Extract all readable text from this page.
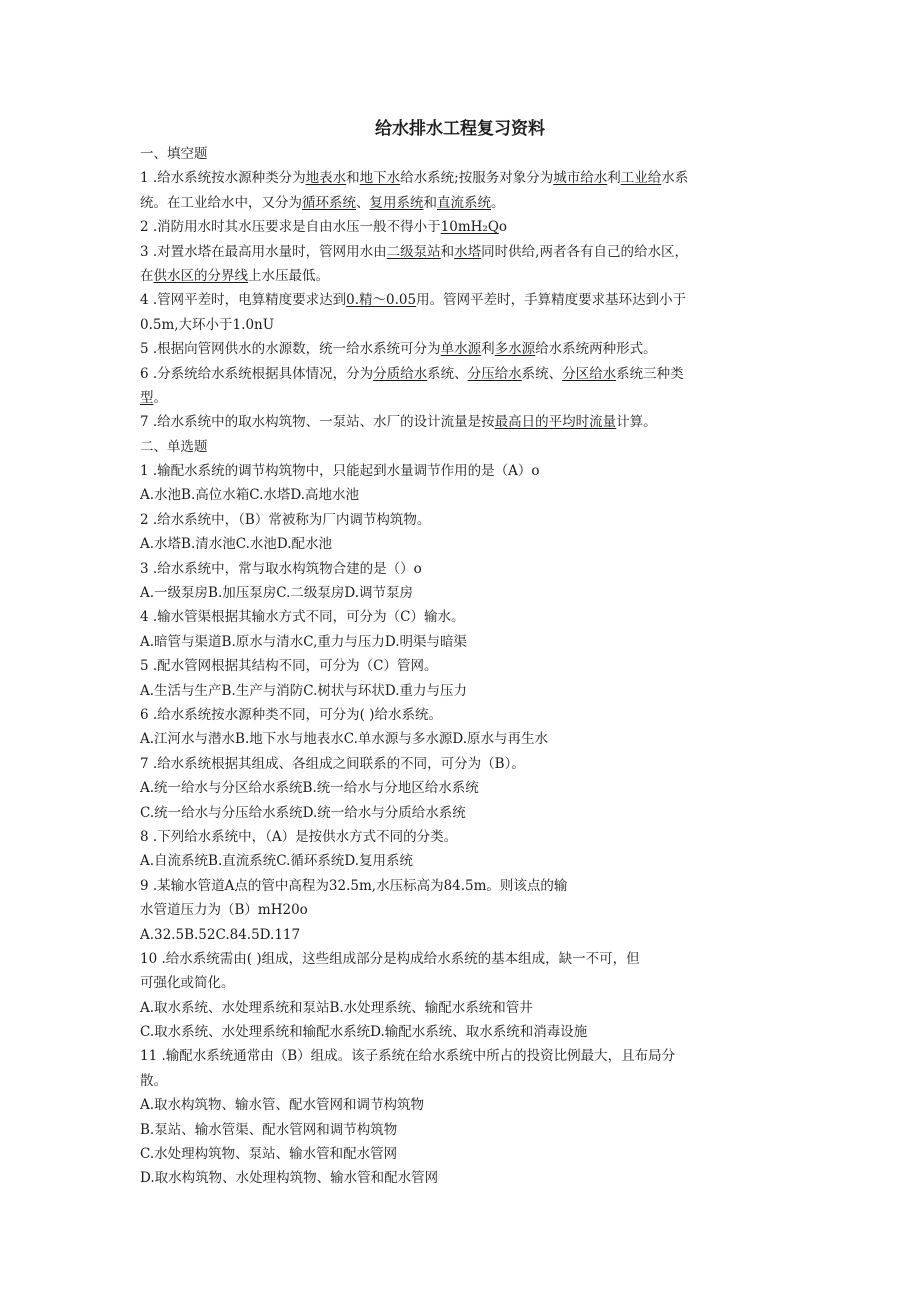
给水排水工程复习资料
一、填空题
1 .给水系统按水源种类分为地表水和地下水给水系统;按服务对象分为城市给水利工业给水系
统。在工业给水中，又分为循环系统、复用系统和直流系统。
2 .消防用水时其水压要求是自由水压一般不得小于10mH₂Qo
3 .对置水塔在最高用水量时，管网用水由二级泵站和水塔同时供给,两者各有自己的给水区，
在供水区的分界线上水压最低。
4 .管网平差时，电算精度要求达到0.精～0.05用。管网平差时，手算精度要求基环达到小于
0.5m,大环小于1.0nU
5 .根据向管网供水的水源数，统一给水系统可分为单水源利多水源给水系统两种形式。
6 .分系统给水系统根据具体情况，分为分质给水系统、分压给水系统、分区给水系统三种类
型。
7 .给水系统中的取水构筑物、一泵站、水厂的设计流量是按最高日的平均时流量计算。
二、单选题
1 .输配水系统的调节构筑物中，只能起到水量调节作用的是（A）o
A.水池B.高位水箱C.水塔D.高地水池
2 .给水系统中，（B）常被称为厂内调节构筑物。
A.水塔B.清水池C.水池D.配水池
3 .给水系统中，常与取水构筑物合建的是（）o
A.一级泵房B.加压泵房C.二级泵房D.调节泵房
4 .输水管渠根据其输水方式不同，可分为（C）输水。
A.暗管与渠道B.原水与清水C,重力与压力D.明渠与暗渠
5 .配水管网根据其结构不同，可分为（C）管网。
A.生活与生产B.生产与消防C.树状与环状D.重力与压力
6 .给水系统按水源种类不同，可分为( )给水系统。
A.江河水与潜水B.地下水与地表水C.单水源与多水源D.原水与再生水
7 .给水系统根据其组成、各组成之间联系的不同，可分为（B）。
A.统一给水与分区给水系统B.统一给水与分地区给水系统
C.统一给水与分压给水系统D.统一给水与分质给水系统
8 .下列给水系统中，（A）是按供水方式不同的分类。
A.自流系统B.直流系统C.循环系统D.复用系统
9 .某输水管道A点的管中高程为32.5m,水压标高为84.5m。则该点的输
水管道压力为（B）mH20o
A.32.5B.52C.84.5D.117
10 .给水系统需由( )组成，这些组成部分是构成给水系统的基本组成，缺一不可，但
可强化或简化。
A.取水系统、水处理系统和泵站B.水处理系统、输配水系统和管井
C.取水系统、水处理系统和输配水系统D.输配水系统、取水系统和消毒设施
11 .输配水系统通常由（B）组成。该子系统在给水系统中所占的投资比例最大，且布局分
散。
A.取水构筑物、输水管、配水管网和调节构筑物
B.泵站、输水管渠、配水管网和调节构筑物
C.水处理构筑物、泵站、输水管和配水管网
D.取水构筑物、水处理构筑物、输水管和配水管网
